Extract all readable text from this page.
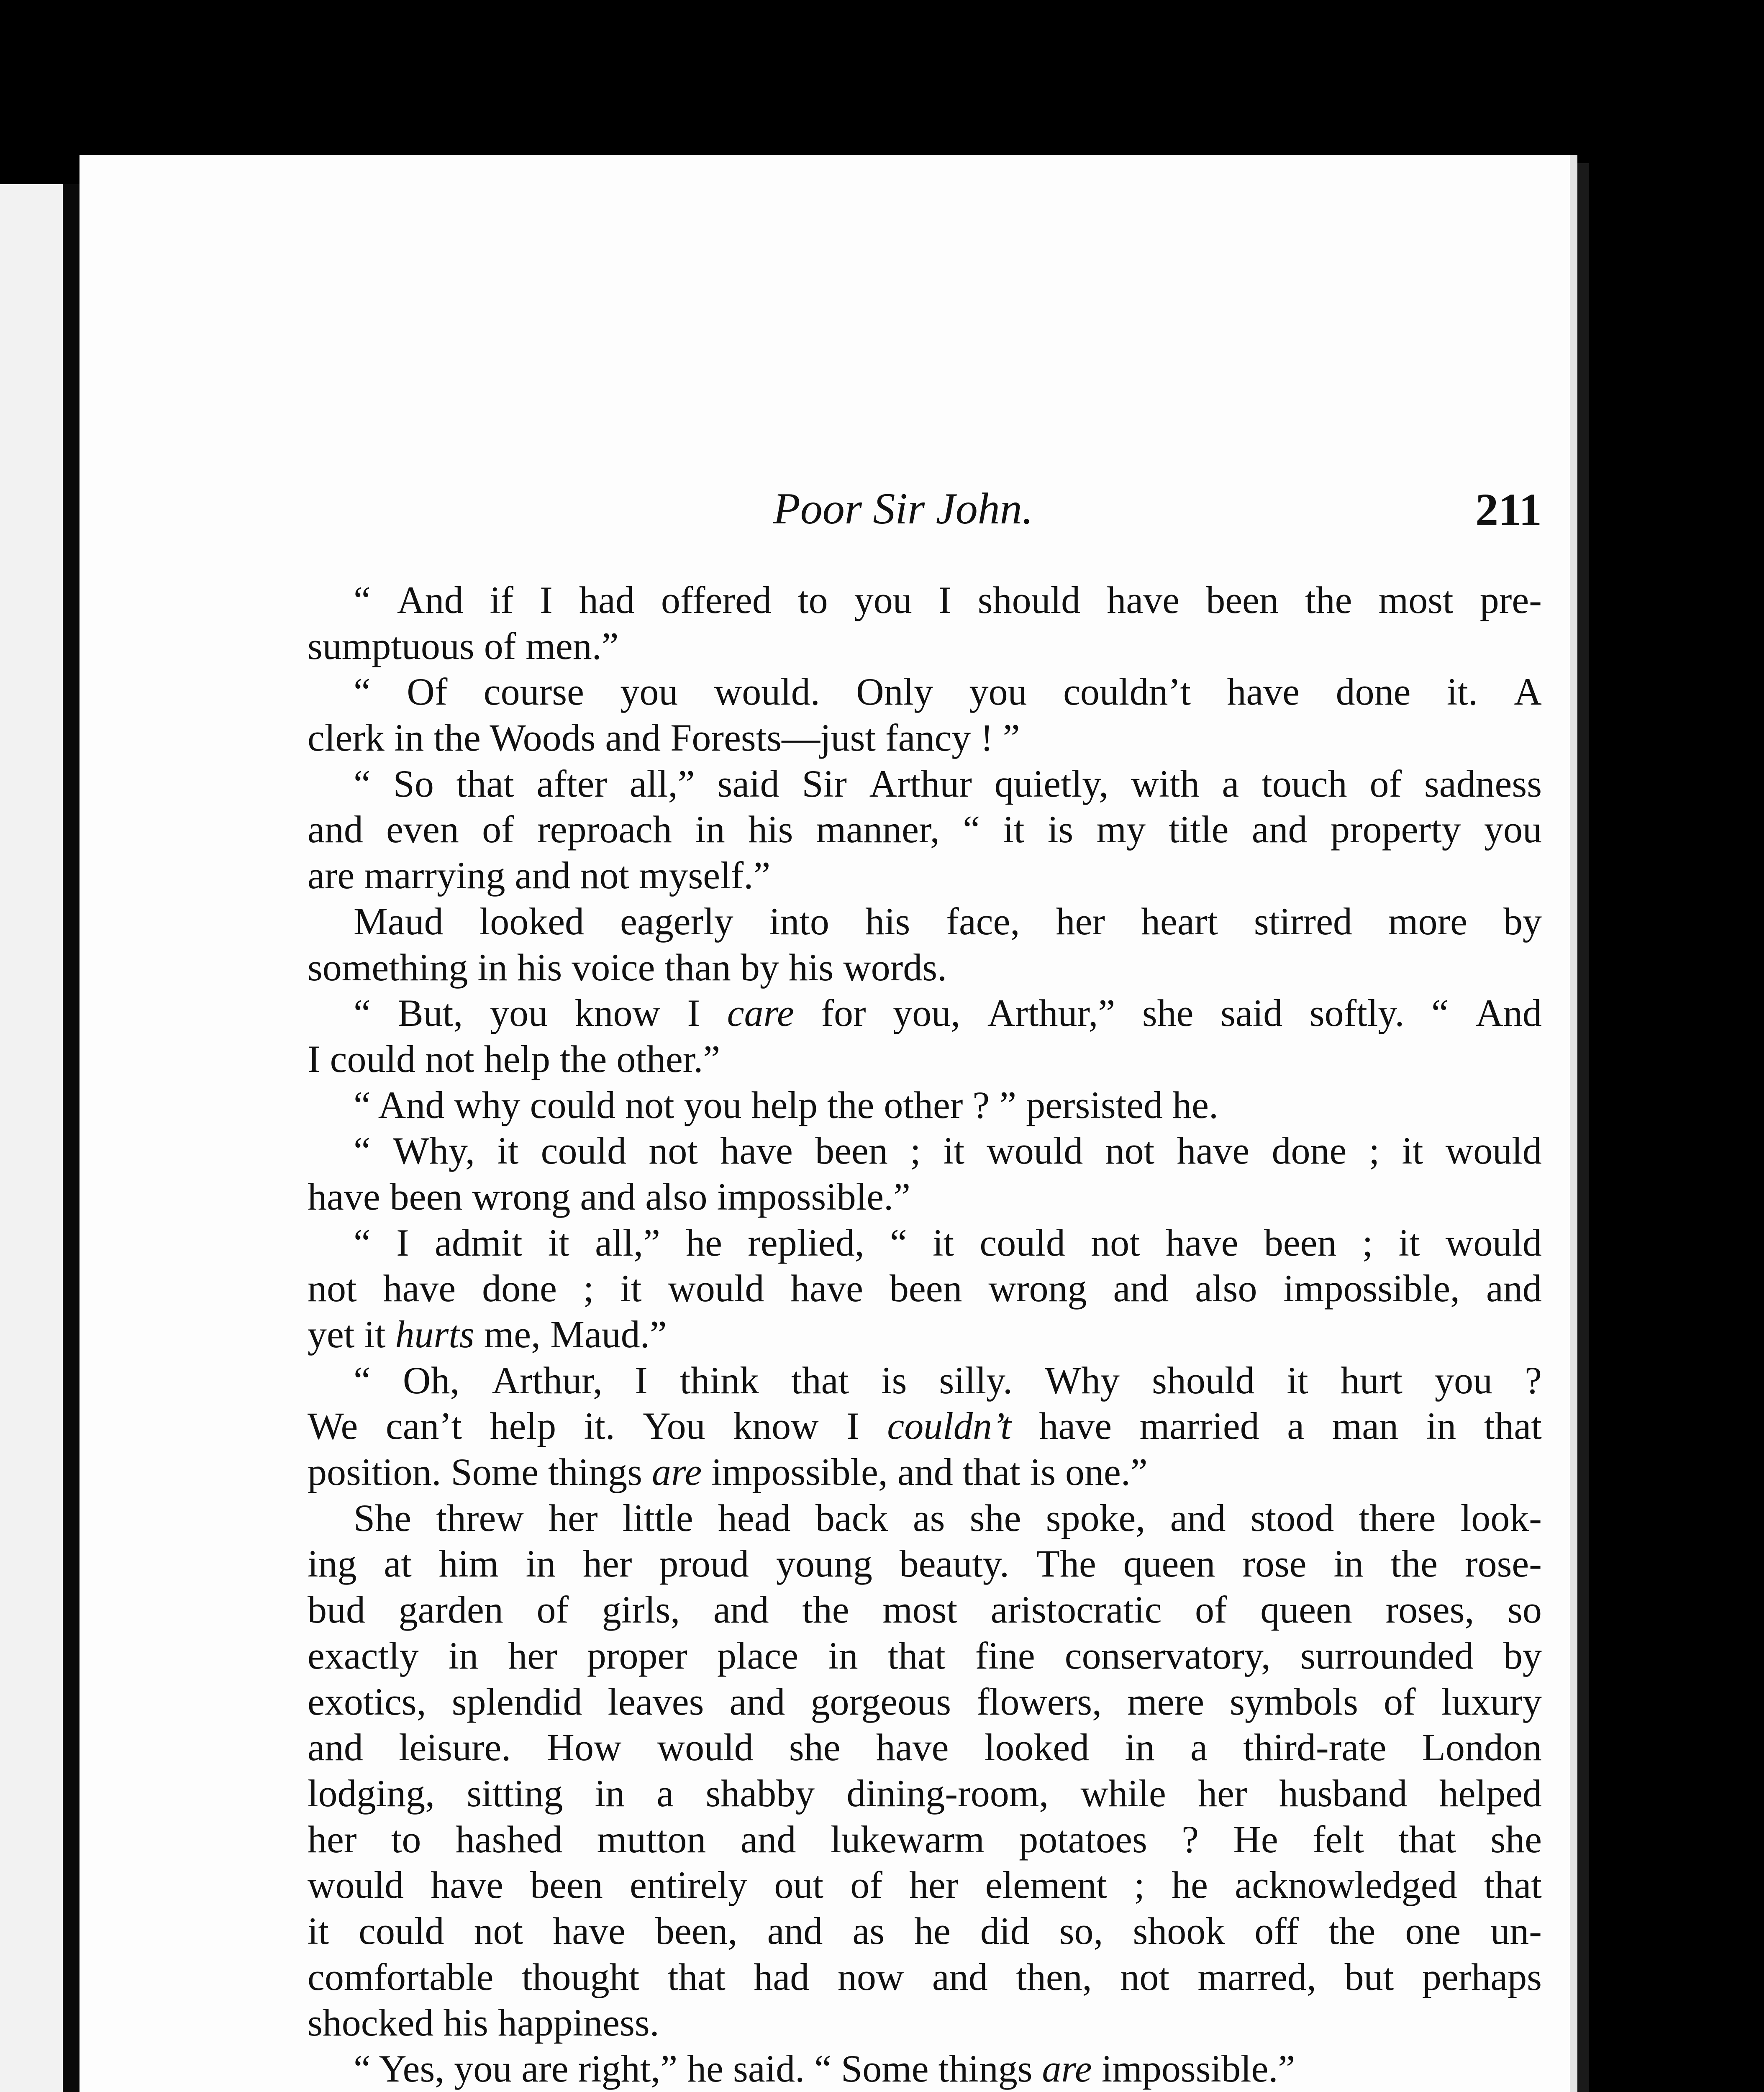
Poor Sir John.	211
“ And if I had offered to you I should have been the most pre-
sumptuous of men.”
“ Of course you would. Only you couldn’t have done it. A
clerk in the Woods and Forests—just fancy ! ”
“ So that after all,” said Sir Arthur quietly, with a touch of sadness
and even of reproach in his manner, “ it is my title and property you
are marrying and not myself.”
Maud looked eagerly into his face, her heart stirred more by
something in his voice than by his words.
“ But, you know I care for you, Arthur,” she said softly. “ And
I could not help the other.”
“ And why could not you help the other ? ” persisted he.
“ Why, it could not have been ; it would not have done ; it would
have been wrong and also impossible.”
“ I admit it all,” he replied, “ it could not have been ; it would
not have done ; it would have been wrong and also impossible, and
yet it hurts me, Maud.”
“ Oh, Arthur, I think that is silly. Why should it hurt you ?
We can’t help it. You know I couldn’t have married a man in that
position. Some things are impossible, and that is one.”
She threw her little head back as she spoke, and stood there look-
ing at him in her proud young beauty. The queen rose in the rose-
bud garden of girls, and the most aristocratic of queen roses, so
exactly in her proper place in that fine conservatory, surrounded by
exotics, splendid leaves and gorgeous flowers, mere symbols of luxury
and leisure. How would she have looked in a third-rate London
lodging, sitting in a shabby dining-room, while her husband helped
her to hashed mutton and lukewarm potatoes ? He felt that she
would have been entirely out of her element ; he acknowledged that
it could not have been, and as he did so, shook off the one un-
comfortable thought that had now and then, not marred, but perhaps
shocked his happiness.
“ Yes, you are right,” he said. “ Some things are impossible.”
